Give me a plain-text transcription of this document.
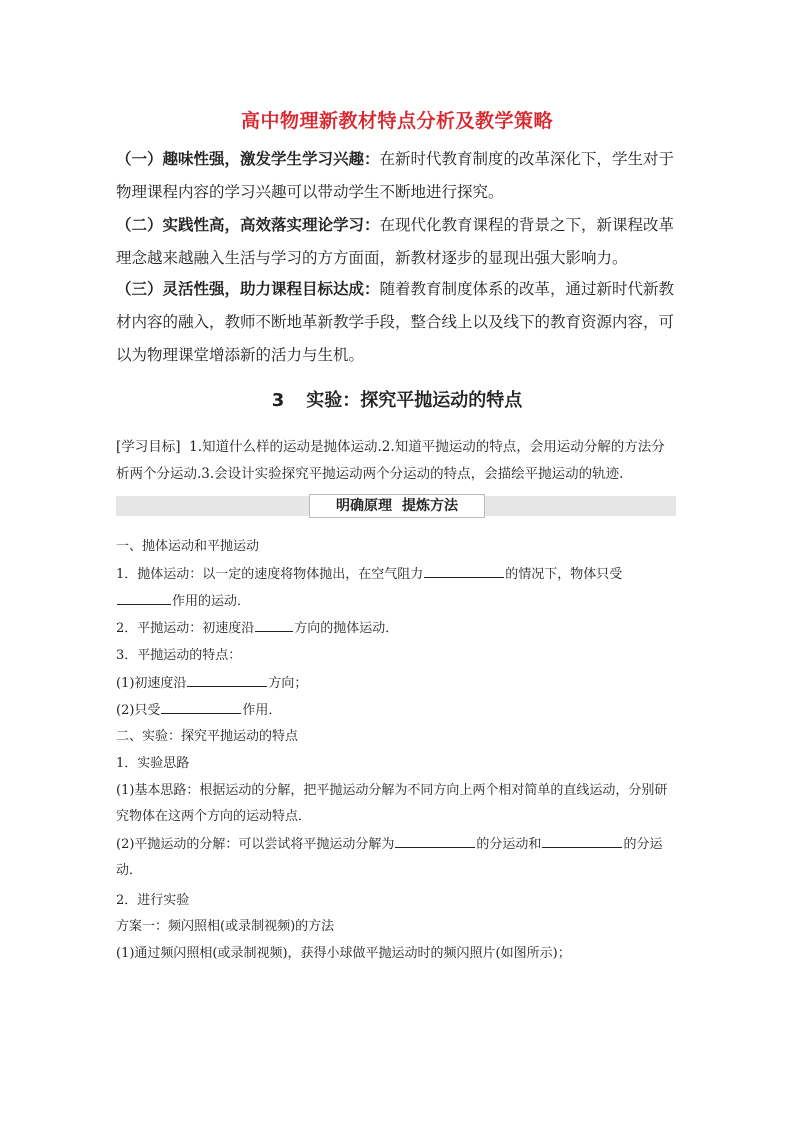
高中物理新教材特点分析及教学策略
（一）趣味性强，激发学生学习兴趣：在新时代教育制度的改革深化下，学生对于物理课程内容的学习兴趣可以带动学生不断地进行探究。
（二）实践性高，高效落实理论学习：在现代化教育课程的背景之下，新课程改革理念越来越融入生活与学习的方方面面，新教材逐步的显现出强大影响力。
（三）灵活性强，助力课程目标达成：随着教育制度体系的改革，通过新时代新教材内容的融入，教师不断地革新教学手段，整合线上以及线下的教育资源内容，可以为物理课堂增添新的活力与生机。
3 实验：探究平抛运动的特点
[学习目标] 1.知道什么样的运动是抛体运动.2.知道平抛运动的特点，会用运动分解的方法分析两个分运动.3.会设计实验探究平抛运动两个分运动的特点，会描绘平抛运动的轨迹.
明确原理 提炼方法
一、抛体运动和平抛运动
1．抛体运动：以一定的速度将物体抛出，在空气阻力	的情况下，物体只受
作用的运动．
2．平抛运动：初速度沿	方向的抛体运动．
3．平抛运动的特点：
(1)初速度沿	方向；
(2)只受	作用．
二、实验：探究平抛运动的特点
1．实验思路
(1)基本思路：根据运动的分解，把平抛运动分解为不同方向上两个相对简单的直线运动，分别研究物体在这两个方向的运动特点．
(2)平抛运动的分解：可以尝试将平抛运动分解为	的分运动和	的分运动．
2．进行实验
方案一：频闪照相(或录制视频)的方法
(1)通过频闪照相(或录制视频)，获得小球做平抛运动时的频闪照片(如图所示)；
